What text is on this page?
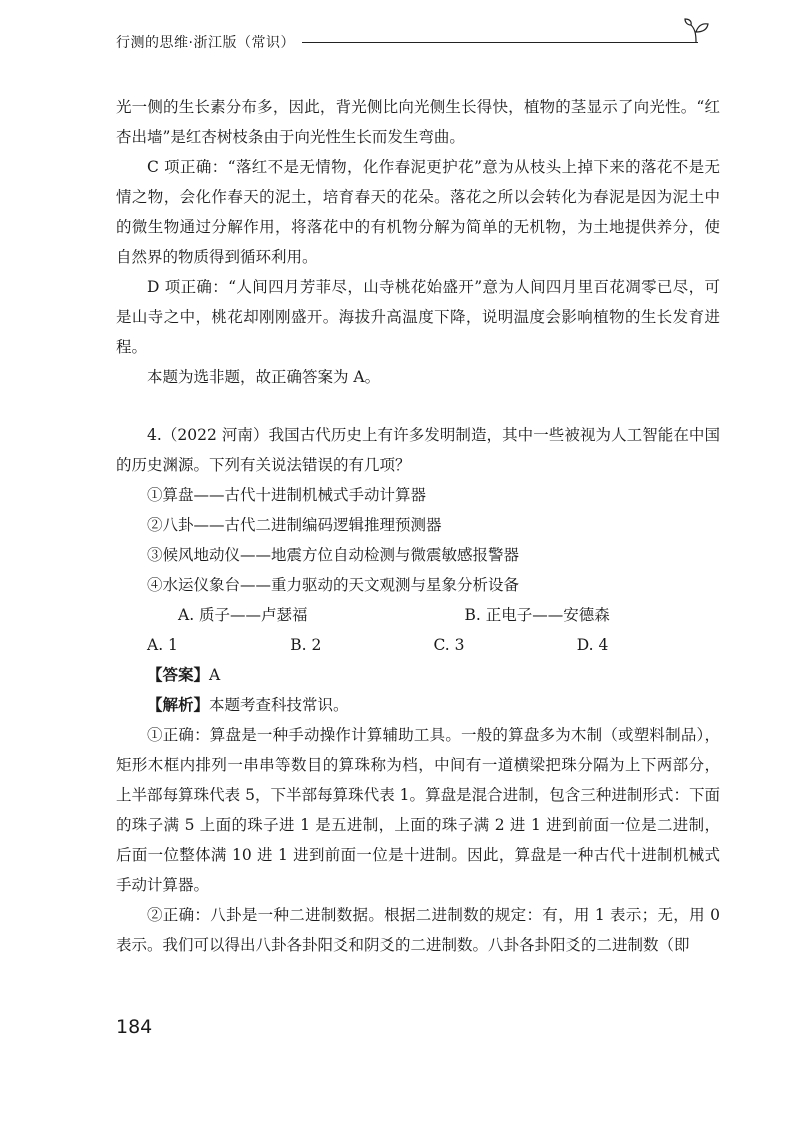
行测的思维·浙江版（常识）

光一侧的生长素分布多，因此，背光侧比向光侧生长得快，植物的茎显示了向光性。“红杏出墙”是红杏树枝条由于向光性生长而发生弯曲。

C 项正确：“落红不是无情物，化作春泥更护花”意为从枝头上掉下来的落花不是无情之物，会化作春天的泥土，培育春天的花朵。落花之所以会转化为春泥是因为泥土中的微生物通过分解作用，将落花中的有机物分解为简单的无机物，为土地提供养分，使自然界的物质得到循环利用。

D 项正确：“人间四月芳菲尽，山寺桃花始盛开”意为人间四月里百花凋零已尽，可是山寺之中，桃花却刚刚盛开。海拔升高温度下降，说明温度会影响植物的生长发育进程。

本题为选非题，故正确答案为 A。

4.（2022 河南）我国古代历史上有许多发明制造，其中一些被视为人工智能在中国的历史渊源。下列有关说法错误的有几项？

①算盘——古代十进制机械式手动计算器

②八卦——古代二进制编码逻辑推理预测器

③候风地动仪——地震方位自动检测与微震敏感报警器

④水运仪象台——重力驱动的天文观测与星象分析设备

A. 质子——卢瑟福	B. 正电子——安德森
A. 1	B. 2	C. 3	D. 4

【答案】A

【解析】本题考查科技常识。

①正确：算盘是一种手动操作计算辅助工具。一般的算盘多为木制（或塑料制品），矩形木框内排列一串串等数目的算珠称为档，中间有一道横梁把珠分隔为上下两部分，上半部每算珠代表 5，下半部每算珠代表 1。算盘是混合进制，包含三种进制形式：下面的珠子满 5 上面的珠子进 1 是五进制，上面的珠子满 2 进 1 进到前面一位是二进制，后面一位整体满 10 进 1 进到前面一位是十进制。因此，算盘是一种古代十进制机械式手动计算器。

②正确：八卦是一种二进制数据。根据二进制数的规定：有，用 1 表示；无，用 0 表示。我们可以得出八卦各卦阳爻和阴爻的二进制数。八卦各卦阳爻的二进制数（即

184
